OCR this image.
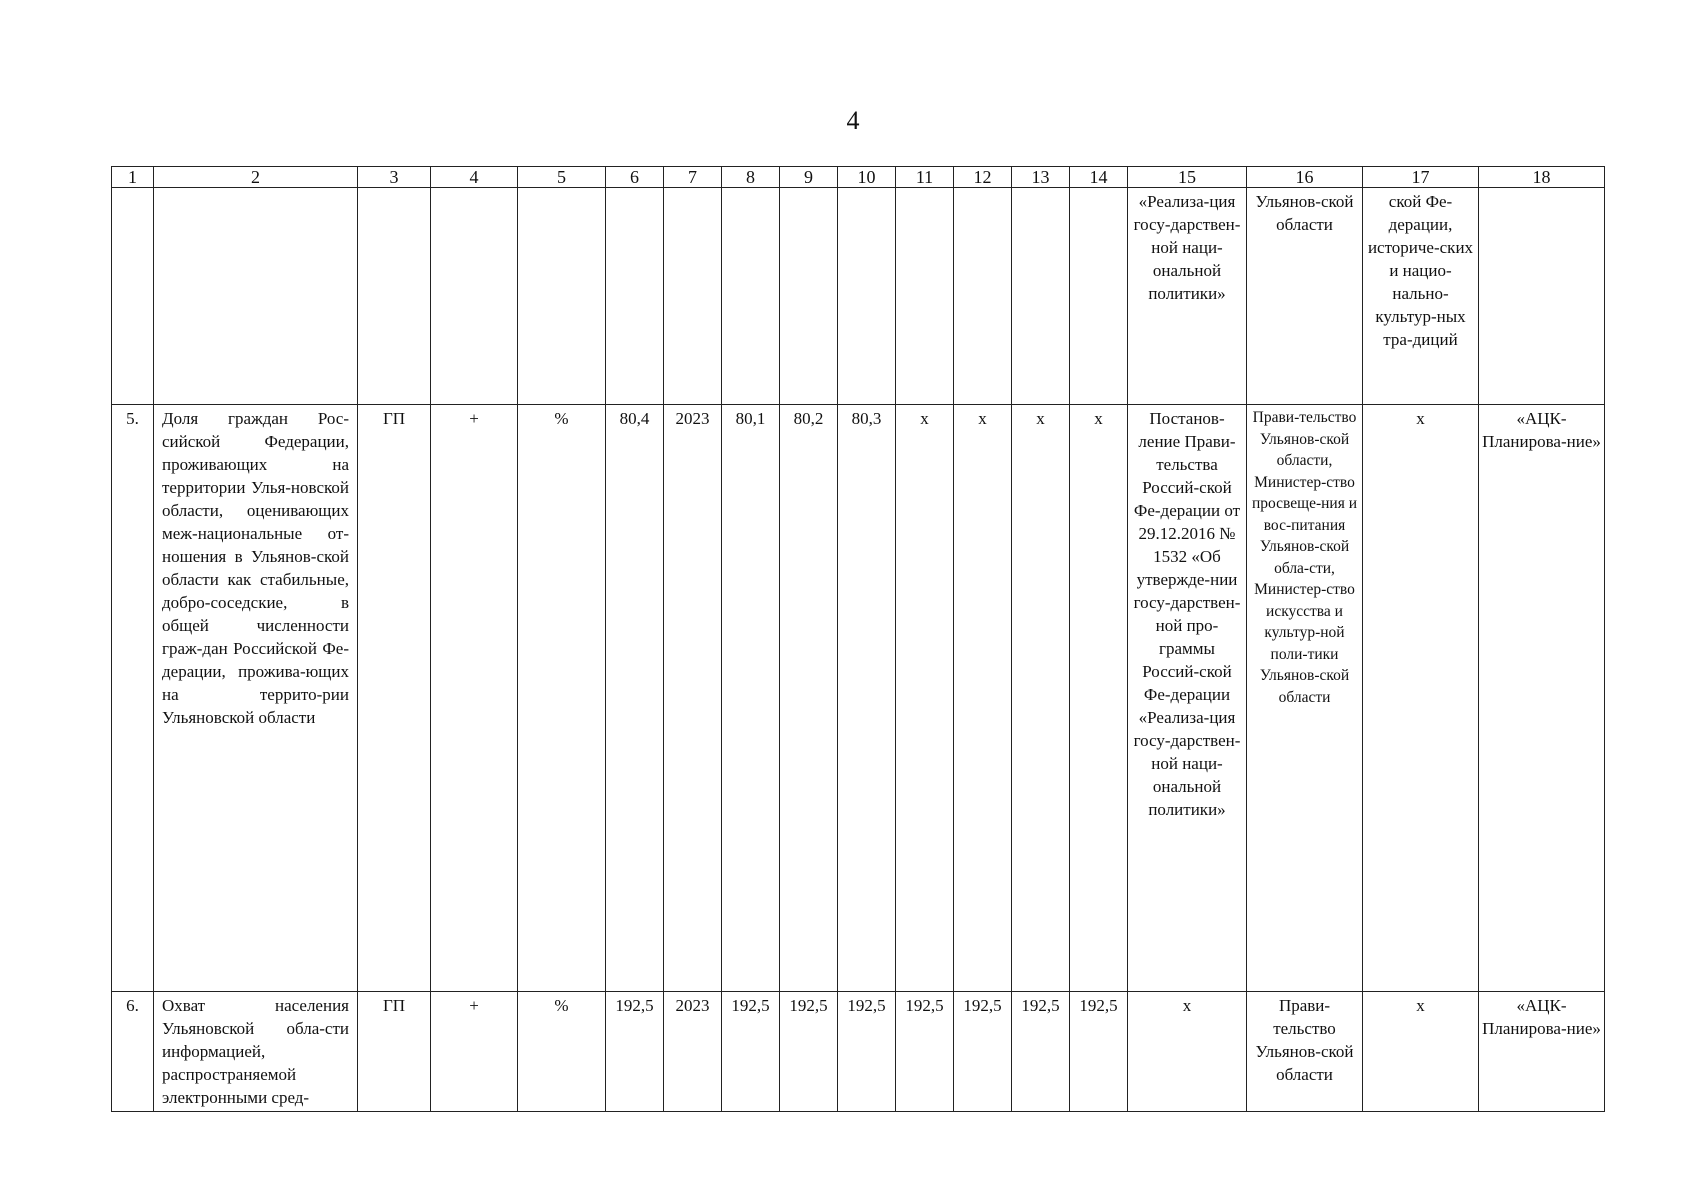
4
1	2	3	4	5	6	7	8	9	10	11	12	13	14	15	16	17	18
														«Реализа-ция госу-дарствен-ной наци-ональной политики»	Ульянов-ской области	ской Фе-дерации, историче-ских и нацио-нально-культур-ных тра-диций	
5.	Доля граждан Рос-сийской Федерации, проживающих на территории Улья-новской области, оценивающих меж-национальные от-ношения в Ульянов-ской области как стабильные, добро-соседские, в общей численности граж-дан Российской Фе-дерации, прожива-ющих на террито-рии Ульяновской области	ГП	+	%	80,4	2023	80,1	80,2	80,3	x	x	x	x	Постанов-ление Прави-тельства Россий-ской Фе-дерации от 29.12.2016 № 1532 «Об утвержде-нии госу-дарствен-ной про-граммы Россий-ской Фе-дерации «Реализа-ция госу-дарствен-ной наци-ональной политики»	Прави-тельство Ульянов-ской области, Министер-ство просвеще-ния и вос-питания Ульянов-ской обла-сти, Министер-ство искусства и культур-ной поли-тики Ульянов-ской области	x	«АЦК-Планирова-ние»
6.	Охват населения Ульяновской обла-сти информацией, распространяемой электронными сред-	ГП	+	%	192,5	2023	192,5	192,5	192,5	192,5	192,5	192,5	192,5	x	Прави-тельство Ульянов-ской области	x	«АЦК-Планирова-ние»
